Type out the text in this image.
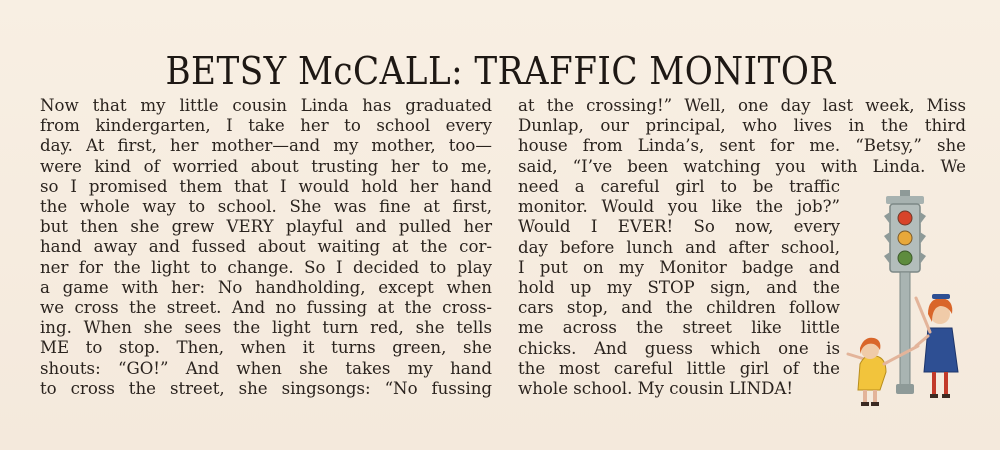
BETSY McCALL: TRAFFIC MONITOR
Now that my little cousin Linda has graduated
from kindergarten, I take her to school every
day. At first, her mother—and my mother, too—
were kind of worried about trusting her to me,
so I promised them that I would hold her hand
the whole way to school. She was fine at first,
but then she grew VERY playful and pulled her
hand away and fussed about waiting at the cor-
ner for the light to change. So I decided to play
a game with her: No handholding, except when
we cross the street. And no fussing at the cross-
ing. When she sees the light turn red, she tells
ME to stop. Then, when it turns green, she
shouts: “GO!” And when she takes my hand
to cross the street, she singsongs: “No fussing
at the crossing!” Well, one day last week, Miss
Dunlap, our principal, who lives in the third
house from Linda’s, sent for me. “Betsy,” she
said, “I’ve been watching you with Linda. We
need a careful girl to be traffic
monitor. Would you like the job?”
Would I EVER! So now, every
day before lunch and after school,
I put on my Monitor badge and
hold up my STOP sign, and the
cars stop, and the children follow
me across the street like little
chicks. And guess which one is
the most careful little girl of the
whole school. My cousin LINDA!
